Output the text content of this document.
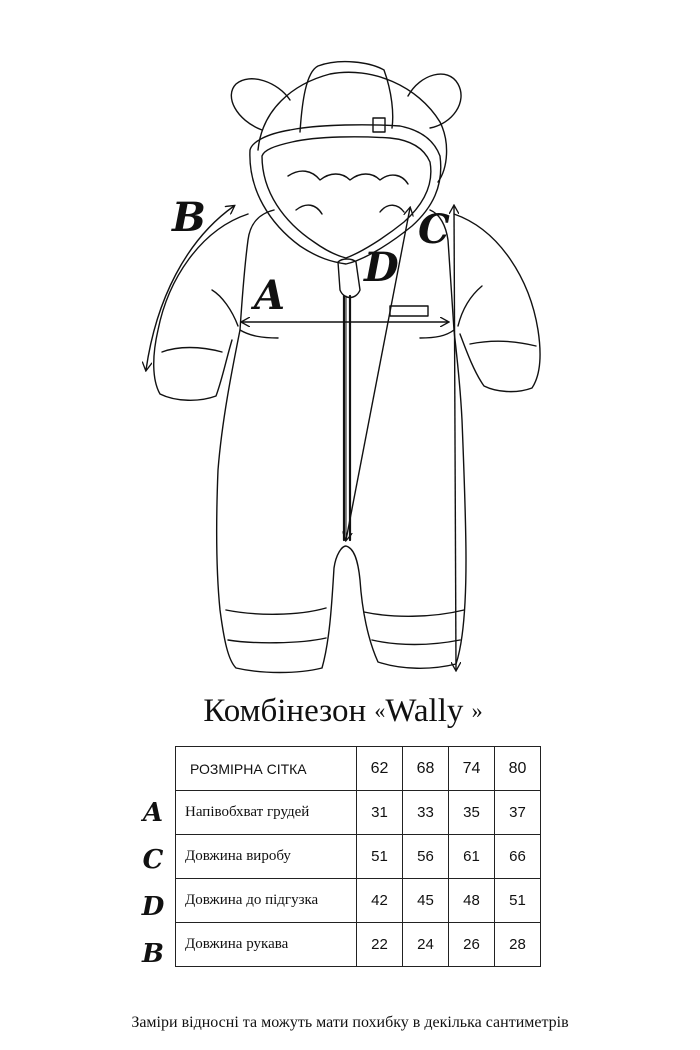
B
A
D
C
Комбінезон «Wally »
A
C
D
B
РОЗМІРНА СІТКА	62	68	74	80
Напівобхват грудей	31	33	35	37
Довжина виробу	51	56	61	66
Довжина до підгузка	42	45	48	51
Довжина рукава	22	24	26	28
Заміри відносні та можуть мати похибку в декілька сантиметрів
